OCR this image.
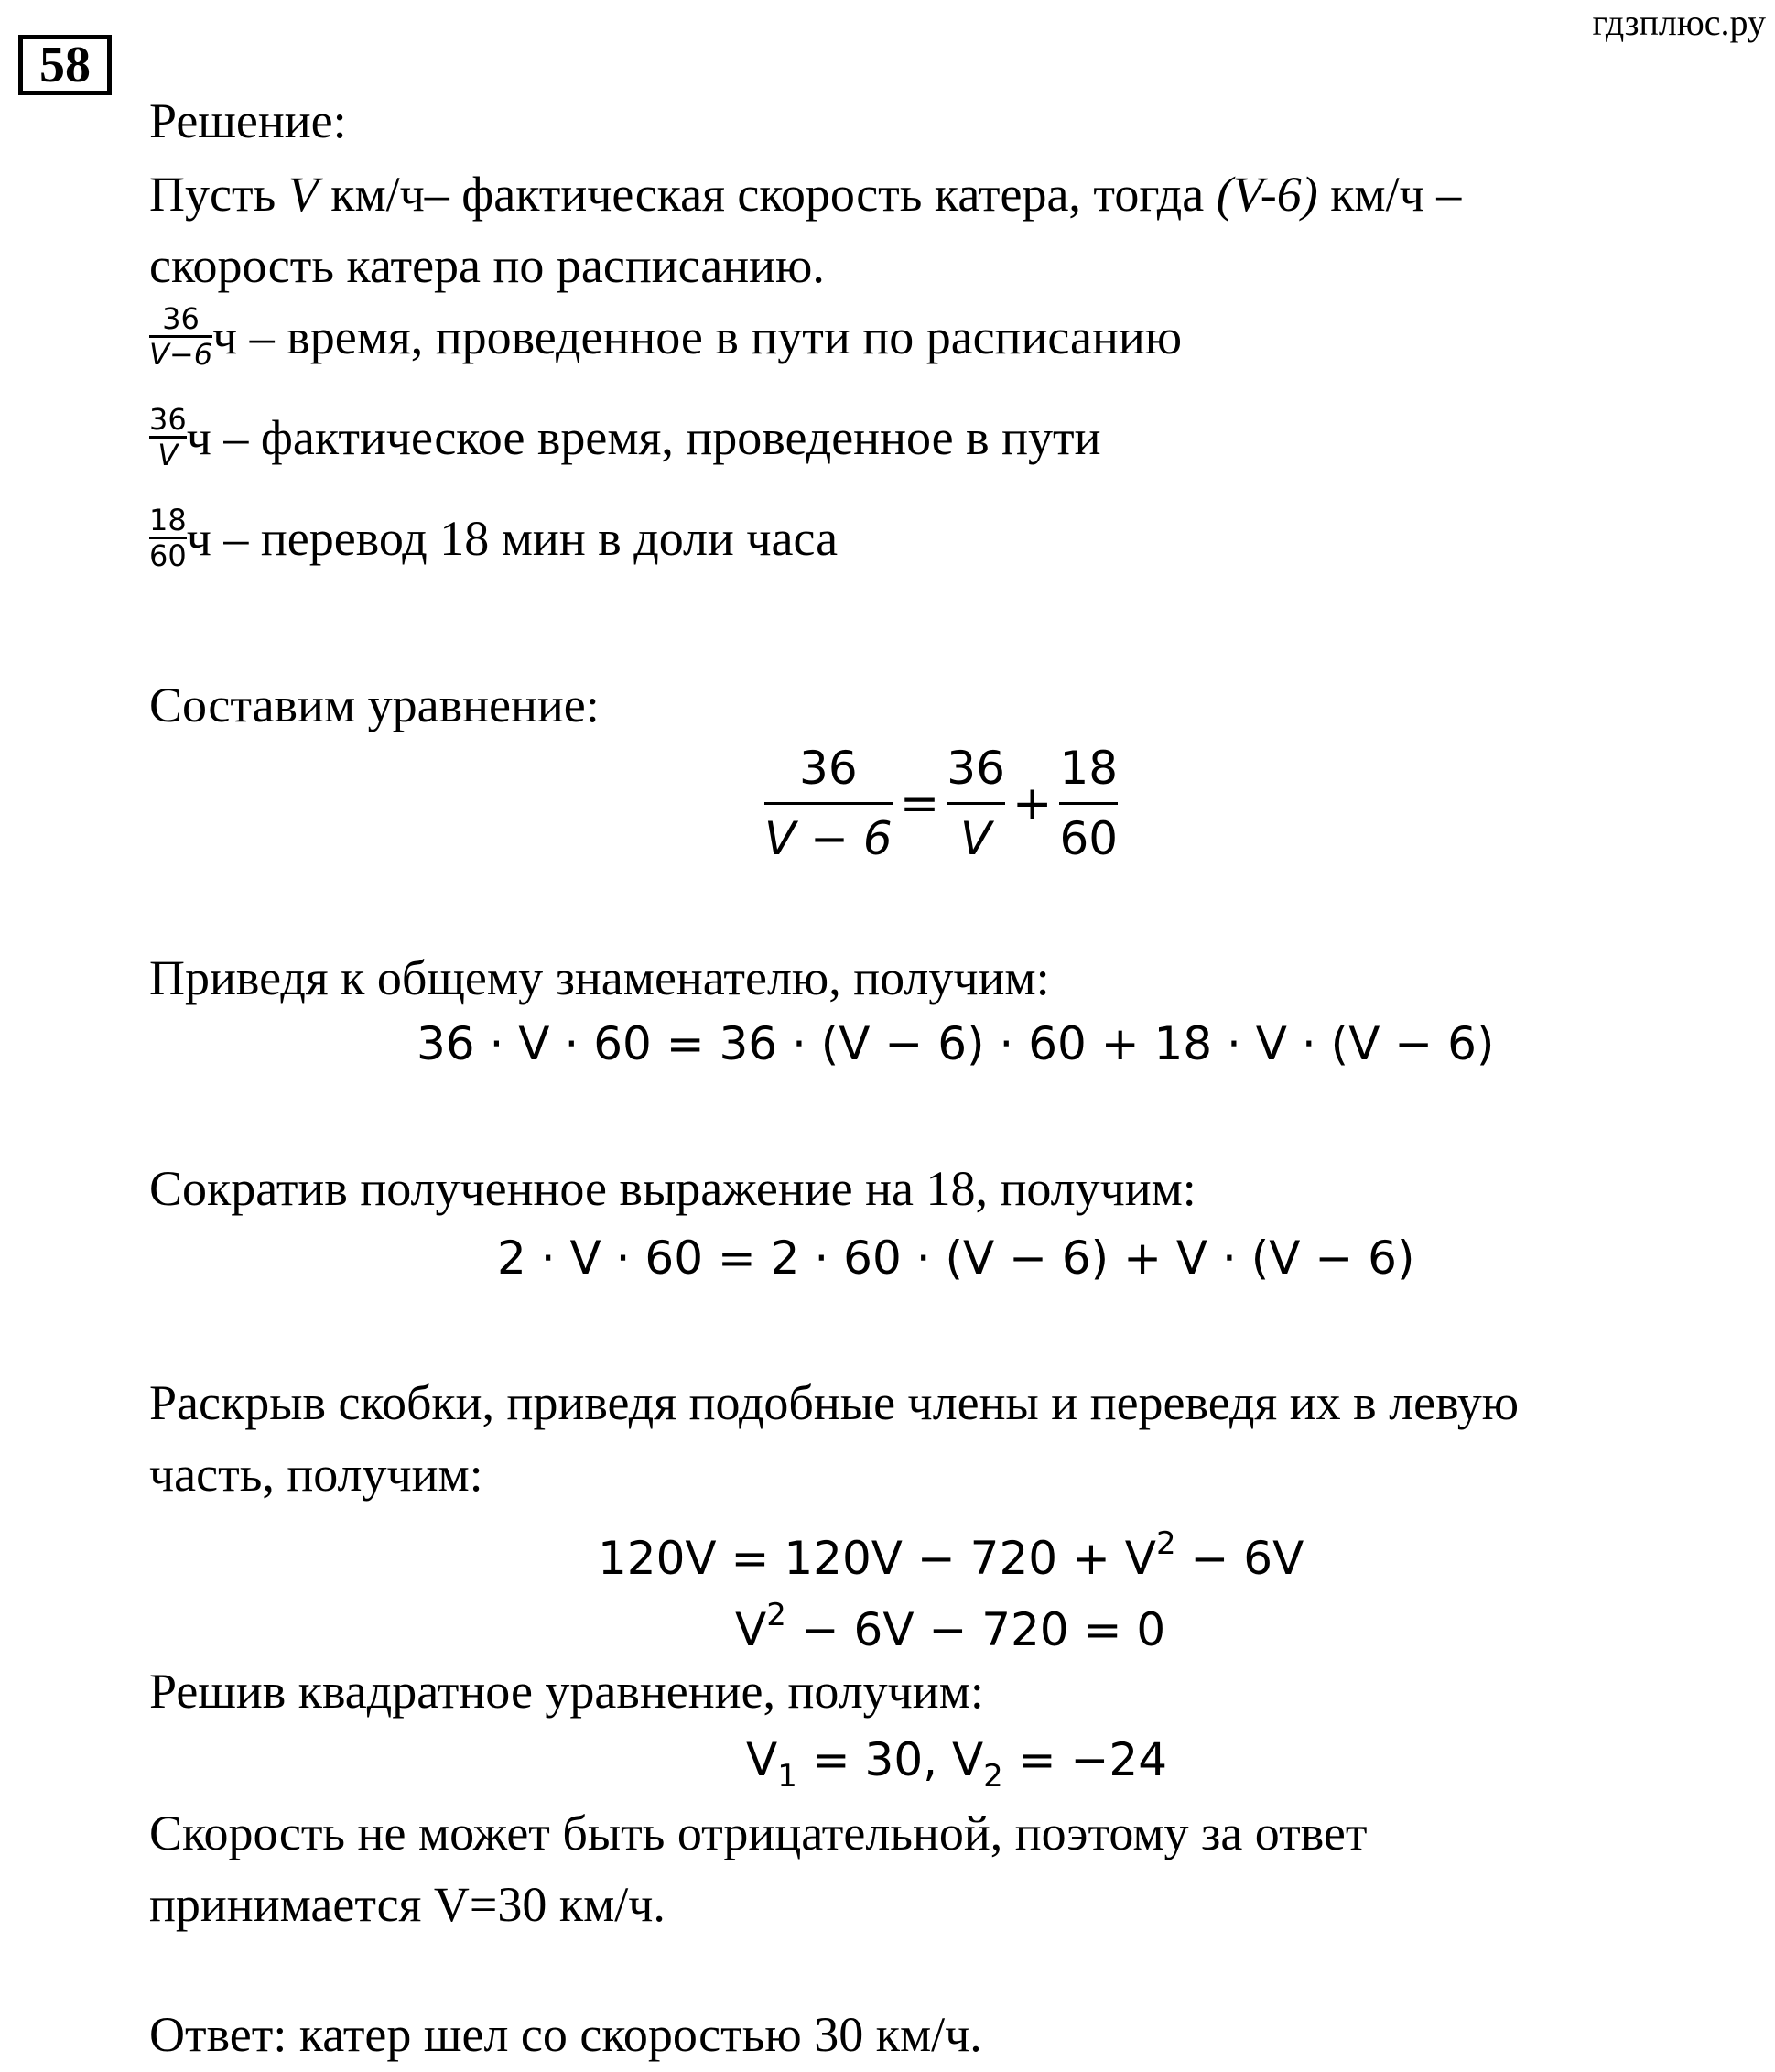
58
гдзплюс.ру
Решение:
Пусть V км/ч– фактическая скорость катера, тогда (V-6) км/ч –
скорость катера по расписанию.
36
V−6 ч – время, проведенное в пути по расписанию
36
V ч – фактическое время, проведенное в пути
18
60 ч – перевод 18 мин в доли часа
Составим уравнение:
36
V − 6
=
36
V
+
18
60
Приведя к общему знаменателю, получим:
36 ⋅ V ⋅ 60 = 36 ⋅ (V − 6) ⋅ 60 + 18 ⋅ V ⋅ (V − 6)
Сократив полученное выражение на 18, получим:
2 ⋅ V ⋅ 60 = 2 ⋅ 60 ⋅ (V − 6) + V ⋅ (V − 6)
Раскрыв скобки, приведя подобные члены и переведя их в левую
часть, получим:
$120V = 120V - 720 + V^2 - 6V$
$V^2 - 6V - 720 = 0$
Решив квадратное уравнение, получим:
$V_1 = 30$, $V_2 = -24$
Скорость не может быть отрицательной, поэтому за ответ
принимается V=30 км/ч.
Ответ: катер шел со скоростью 30 км/ч.
